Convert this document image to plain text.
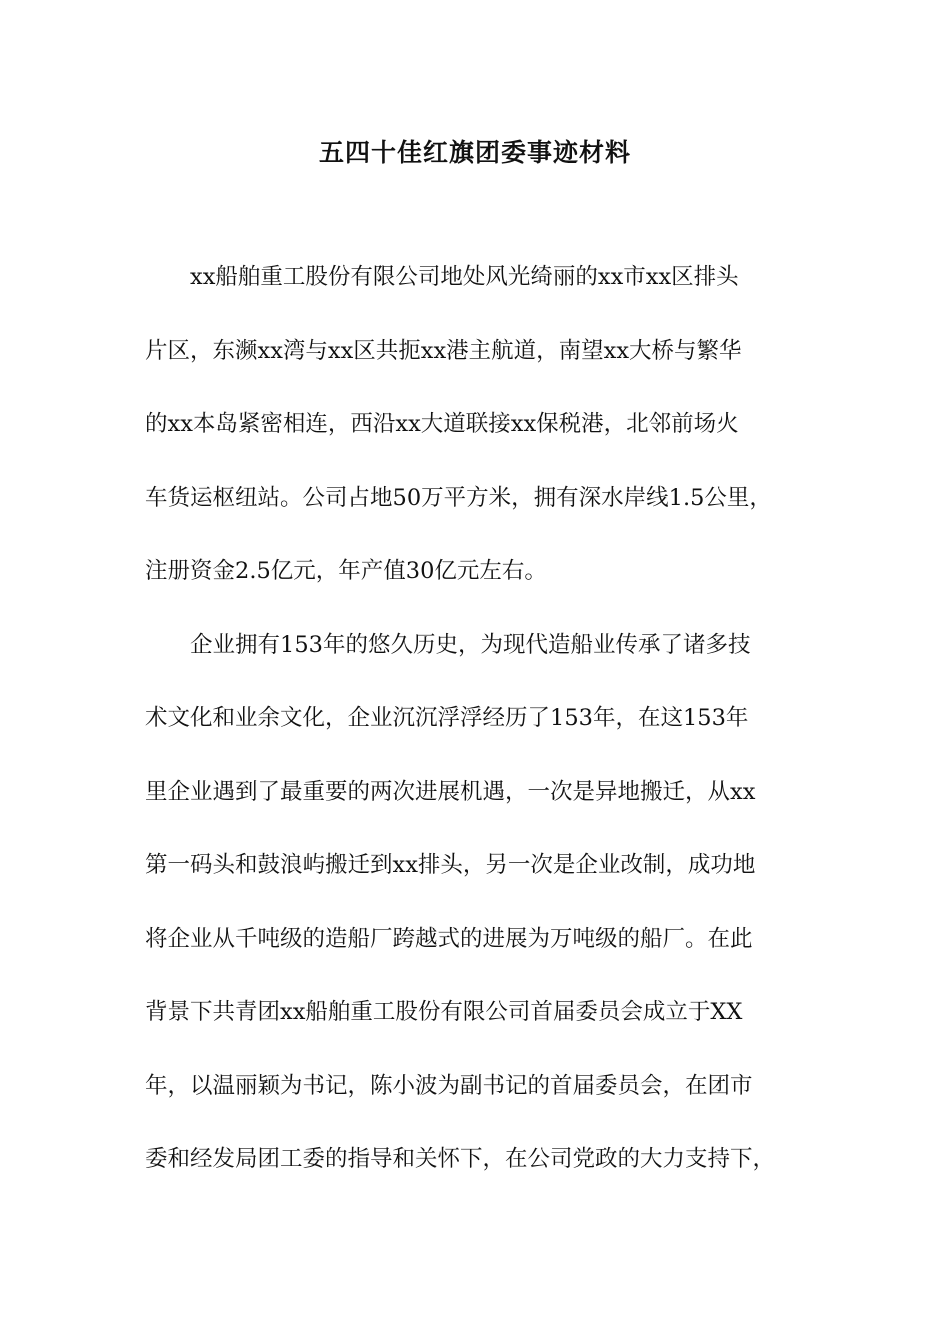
五四十佳红旗团委事迹材料
xx船舶重工股份有限公司地处风光绮丽的xx市xx区排头
片区，东濒xx湾与xx区共扼xx港主航道，南望xx大桥与繁华
的xx本岛紧密相连，西沿xx大道联接xx保税港，北邻前场火
车货运枢纽站。公司占地50万平方米，拥有深水岸线1.5公里，
注册资金2.5亿元，年产值30亿元左右。
企业拥有153年的悠久历史，为现代造船业传承了诸多技
术文化和业余文化，企业沉沉浮浮经历了153年，在这153年
里企业遇到了最重要的两次进展机遇，一次是异地搬迁，从xx
第一码头和鼓浪屿搬迁到xx排头，另一次是企业改制，成功地
将企业从千吨级的造船厂跨越式的进展为万吨级的船厂。在此
背景下共青团xx船舶重工股份有限公司首届委员会成立于XX
年，以温丽颖为书记，陈小波为副书记的首届委员会，在团市
委和经发局团工委的指导和关怀下，在公司党政的大力支持下，
